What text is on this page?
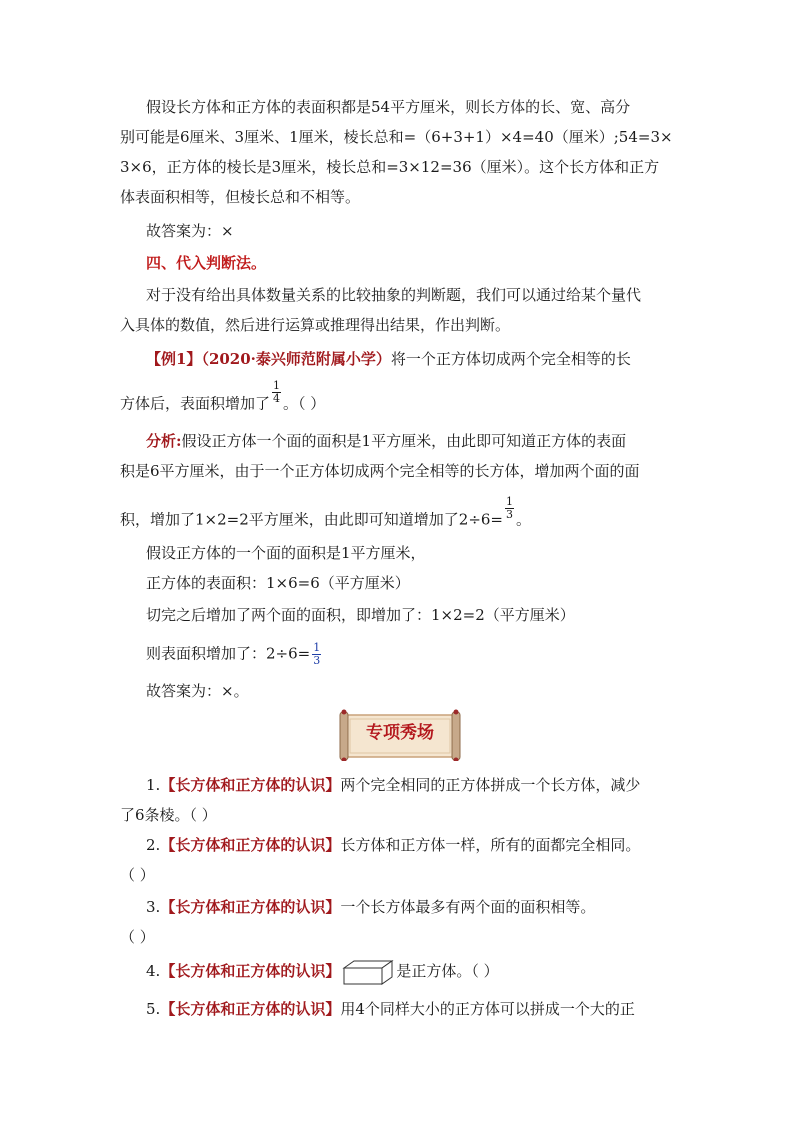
假设长方体和正方体的表面积都是54平方厘米，则长方体的长、宽、高分
别可能是6厘米、3厘米、1厘米，棱长总和=（6+3+1）×4=40（厘米）;54=3×
3×6，正方体的棱长是3厘米，棱长总和=3×12=36（厘米）。这个长方体和正方
体表面积相等，但棱长总和不相等。
故答案为：×
四、代入判断法。
对于没有给出具体数量关系的比较抽象的判断题，我们可以通过给某个量代
入具体的数值，然后进行运算或推理得出结果，作出判断。
【例1】（2020·泰兴师范附属小学）将一个正方体切成两个完全相等的长
方体后，表面积增加了 $\frac{1}{4}$ 。（ ）
分析:假设正方体一个面的面积是1平方厘米，由此即可知道正方体的表面
积是6平方厘米，由于一个正方体切成两个完全相等的长方体，增加两个面的面
积，增加了1×2=2平方厘米，由此即可知道增加了$2\div 6= \frac{1}{3}$ 。
假设正方体的一个面的面积是1平方厘米，
正方体的表面积：1×6=6（平方厘米）
切完之后增加了两个面的面积，即增加了：1×2=2（平方厘米）
则表面积增加了：$2\div 6= \frac{1}{3}$
故答案为：×。
专项秀场
1.【长方体和正方体的认识】两个完全相同的正方体拼成一个长方体，减少
了6条棱。（ ）
2.【长方体和正方体的认识】长方体和正方体一样，所有的面都完全相同。
（ ）
3.【长方体和正方体的认识】一个长方体最多有两个面的面积相等。
（ ）
4.【长方体和正方体的认识】	是正方体。（ ）
5.【长方体和正方体的认识】用4个同样大小的正方体可以拼成一个大的正
